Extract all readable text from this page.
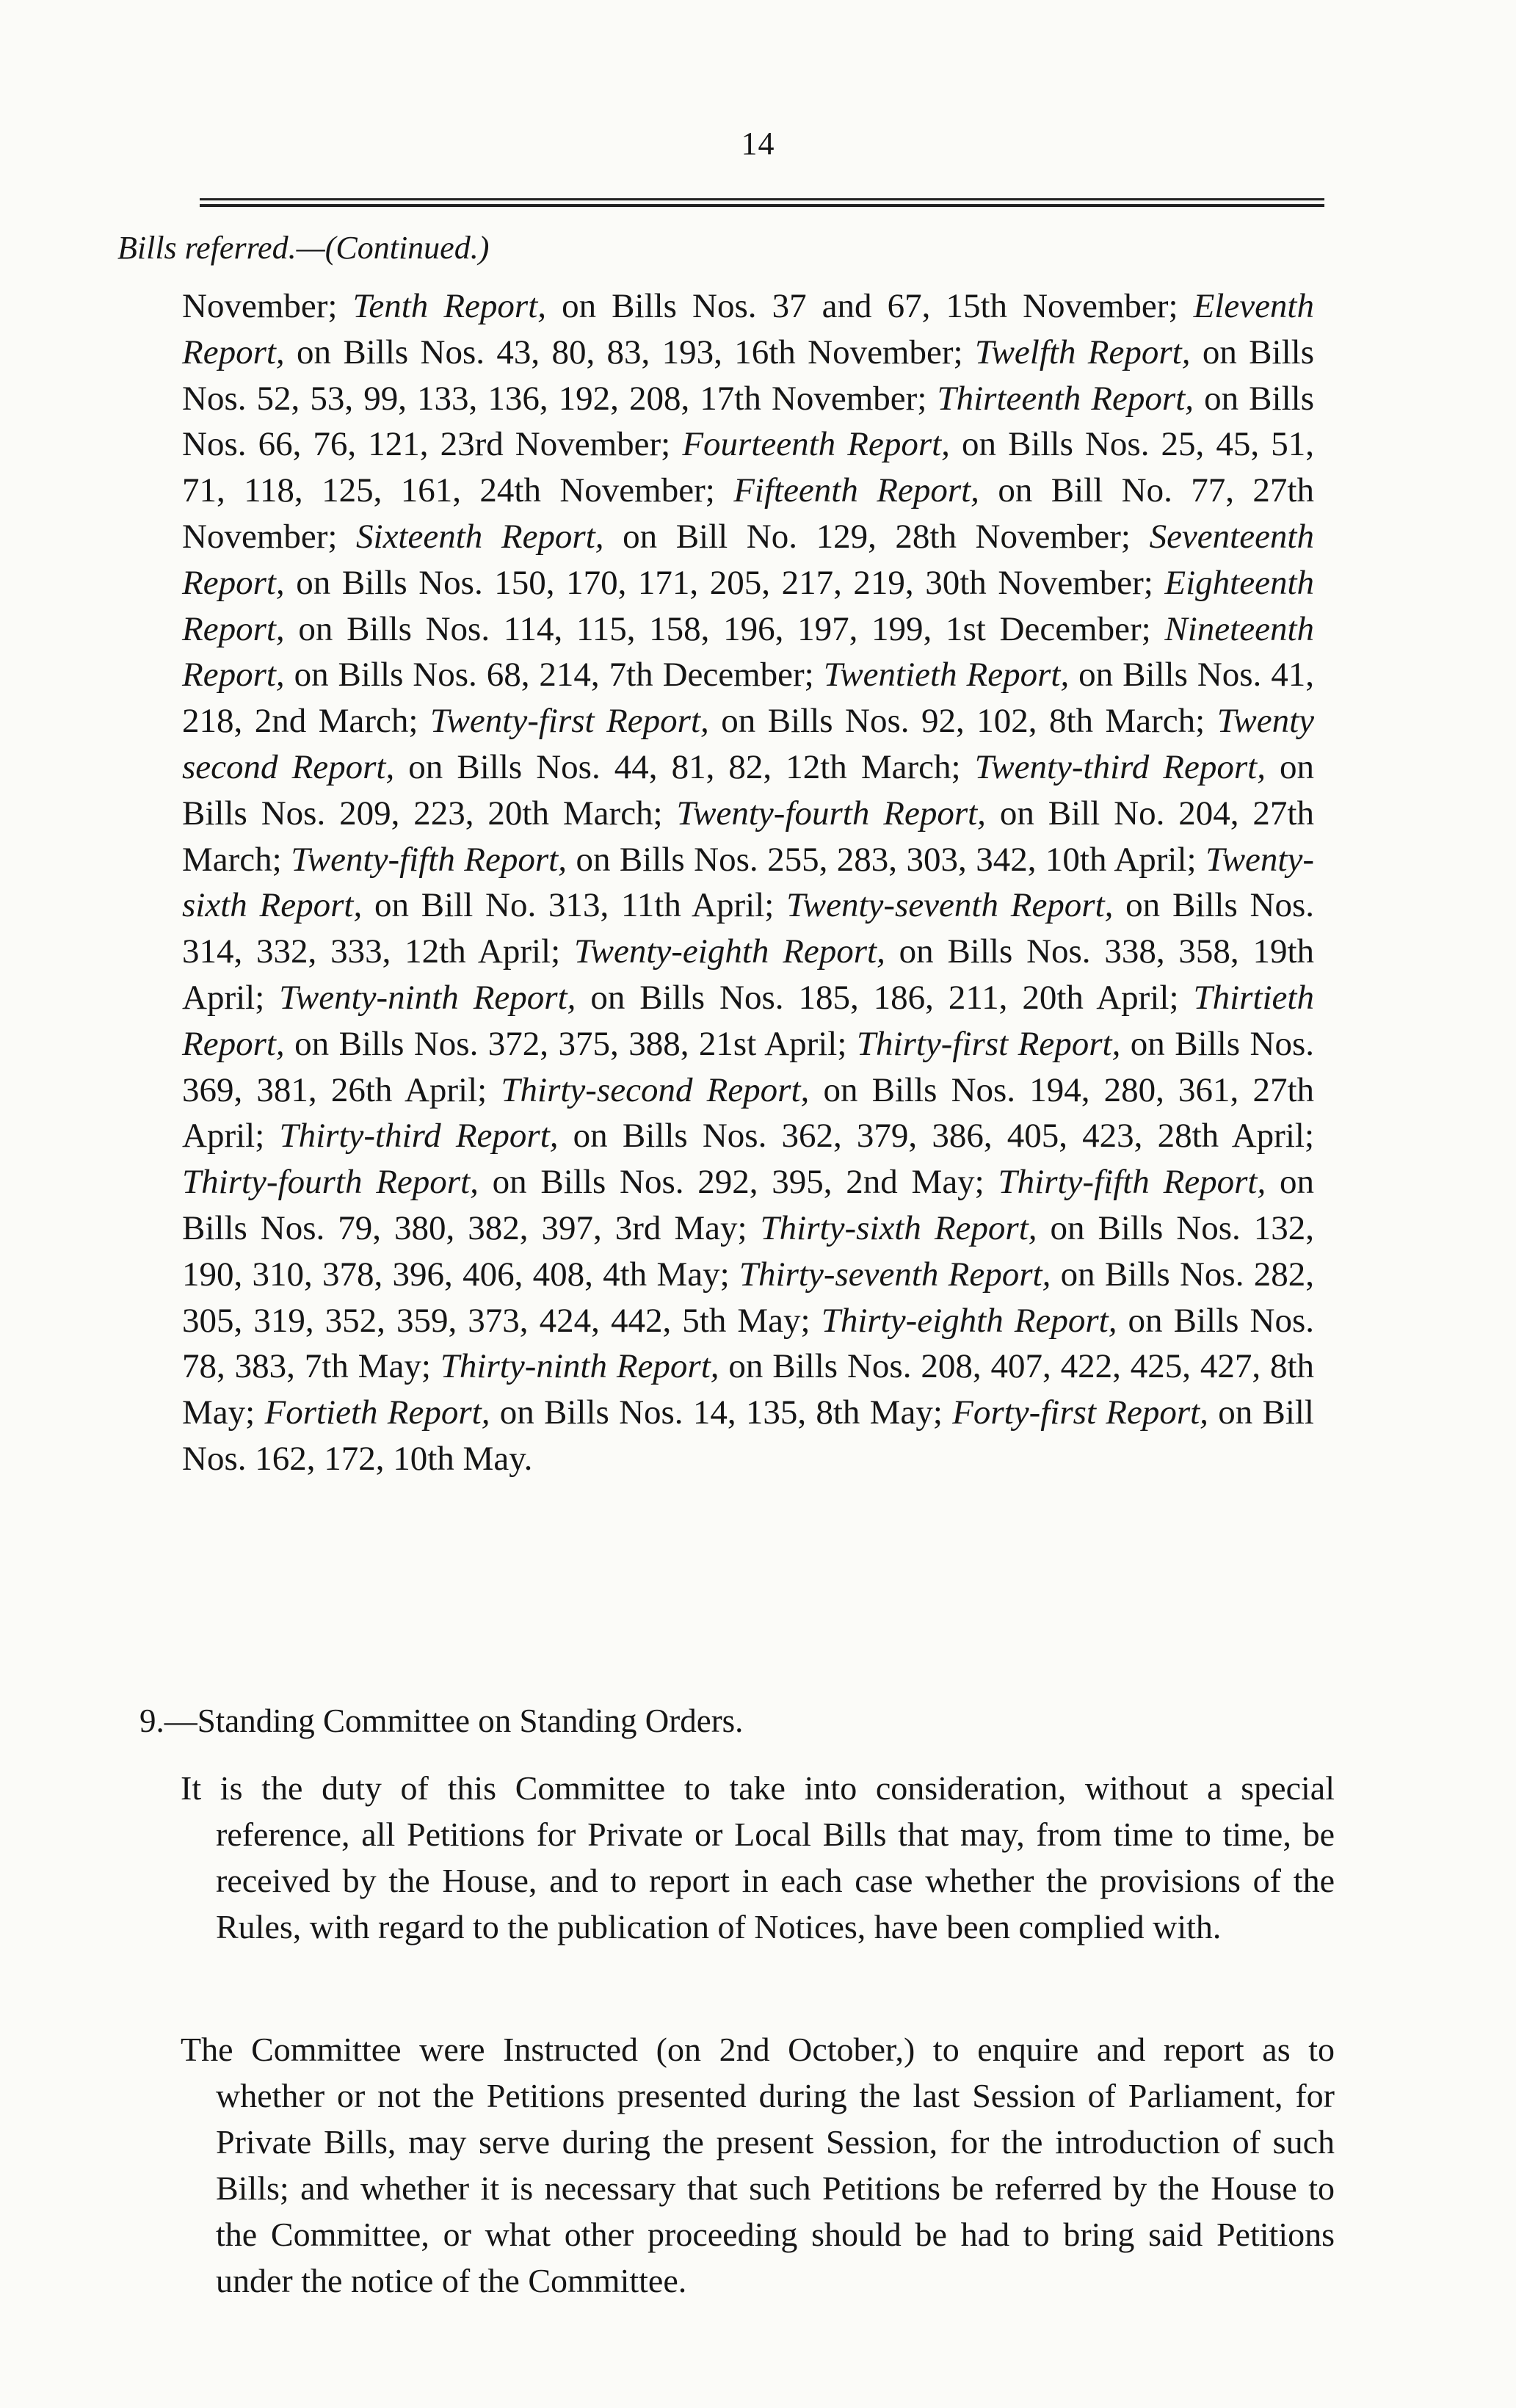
14
Bills referred.—(Continued.)

November; Tenth Report, on Bills Nos. 37 and 67, 15th November; Eleventh Report, on Bills Nos. 43, 80, 83, 193, 16th November; Twelfth Report, on Bills Nos. 52, 53, 99, 133, 136, 192, 208, 17th November; Thirteenth Report, on Bills Nos. 66, 76, 121, 23rd November; Fourteenth Report, on Bills Nos. 25, 45, 51, 71, 118, 125, 161, 24th November; Fifteenth Report, on Bill No. 77, 27th November; Sixteenth Report, on Bill No. 129, 28th November; Seventeenth Report, on Bills Nos. 150, 170, 171, 205, 217, 219, 30th November; Eighteenth Report, on Bills Nos. 114, 115, 158, 196, 197, 199, 1st December; Nineteenth Report, on Bills Nos. 68, 214, 7th December; Twentieth Report, on Bills Nos. 41, 218, 2nd March; Twenty-first Report, on Bills Nos. 92, 102, 8th March; Twenty second Report, on Bills Nos. 44, 81, 82, 12th March; Twenty-third Report, on Bills Nos. 209, 223, 20th March; Twenty-fourth Report, on Bill No. 204, 27th March; Twenty-fifth Report, on Bills Nos. 255, 283, 303, 342, 10th April; Twenty-sixth Report, on Bill No. 313, 11th April; Twenty-seventh Report, on Bills Nos. 314, 332, 333, 12th April; Twenty-eighth Report, on Bills Nos. 338, 358, 19th April; Twenty-ninth Report, on Bills Nos. 185, 186, 211, 20th April; Thirtieth Report, on Bills Nos. 372, 375, 388, 21st April; Thirty-first Report, on Bills Nos. 369, 381, 26th April; Thirty-second Report, on Bills Nos. 194, 280, 361, 27th April; Thirty-third Report, on Bills Nos. 362, 379, 386, 405, 423, 28th April; Thirty-fourth Report, on Bills Nos. 292, 395, 2nd May; Thirty-fifth Report, on Bills Nos. 79, 380, 382, 397, 3rd May; Thirty-sixth Report, on Bills Nos. 132, 190, 310, 378, 396, 406, 408, 4th May; Thirty-seventh Report, on Bills Nos. 282, 305, 319, 352, 359, 373, 424, 442, 5th May; Thirty-eighth Report, on Bills Nos. 78, 383, 7th May; Thirty-ninth Report, on Bills Nos. 208, 407, 422, 425, 427, 8th May; Fortieth Report, on Bills Nos. 14, 135, 8th May; Forty-first Report, on Bill Nos. 162, 172, 10th May.

9.—Standing Committee on Standing Orders.

It is the duty of this Committee to take into consideration, without a special reference, all Petitions for Private or Local Bills that may, from time to time, be received by the House, and to report in each case whether the provisions of the Rules, with regard to the publication of Notices, have been complied with.

The Committee were Instructed (on 2nd October,) to enquire and report as to whether or not the Petitions presented during the last Session of Parliament, for Private Bills, may serve during the present Session, for the introduction of such Bills; and whether it is necessary that such Petitions be referred by the House to the Committee, or what other proceeding should be had to bring said Petitions under the notice of the Committee.
